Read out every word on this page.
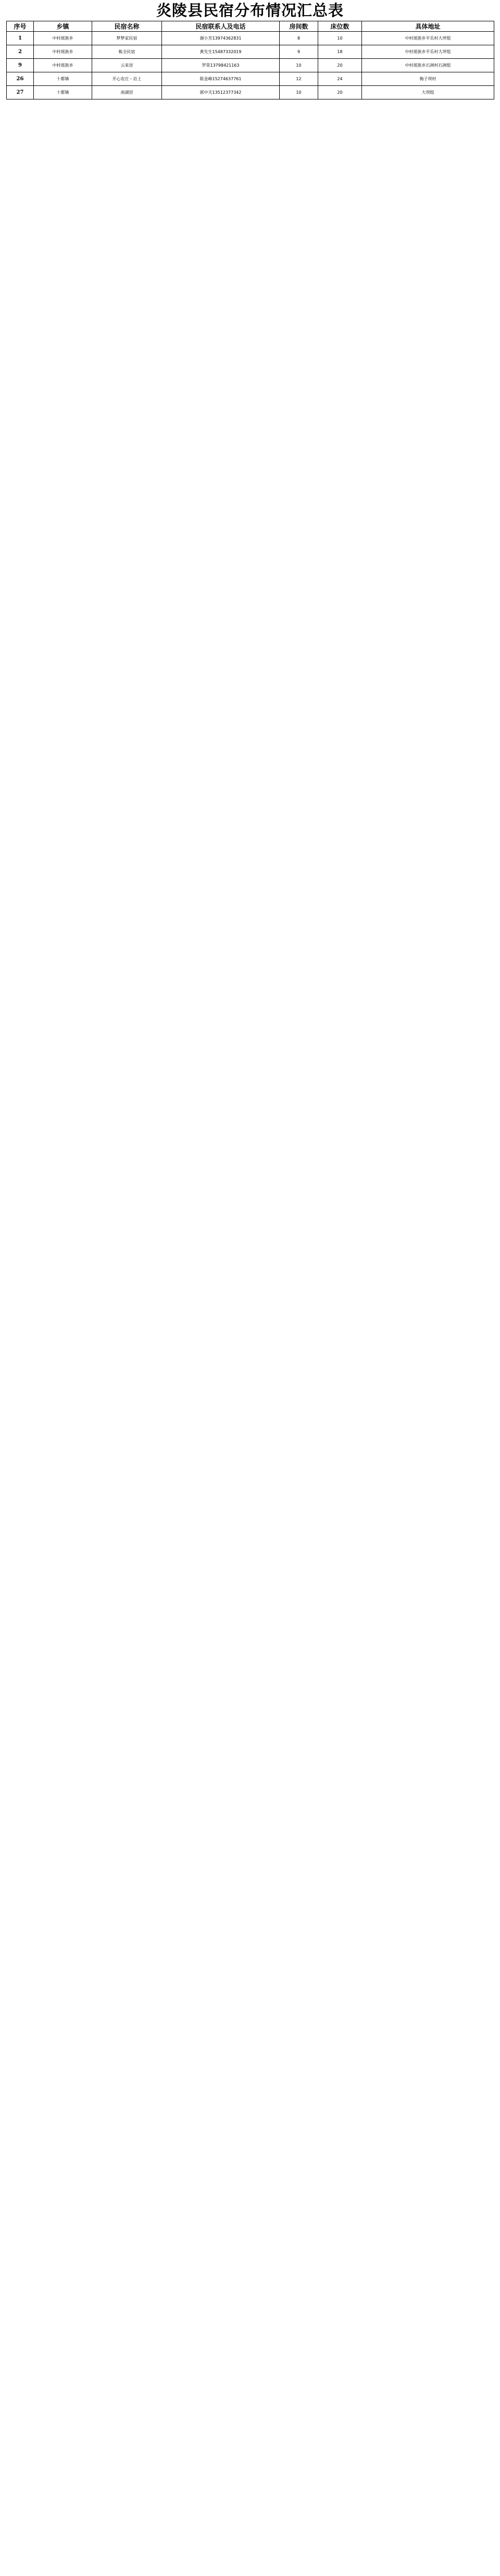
炎陵县民宿分布情况汇总表
序号	乡镇	民宿名称	民宿联系人及电话	房间数	床位数	具体地址
1	中村瑶族乡	梦梦家民宿	谢小芳13974362831	8	10	中村瑶族乡平乐村大坪组
2	中村瑶族乡	栋全民宿	黄先生15487332019	9	18	中村瑶族乡平乐村大坪组
9	中村瑶族乡	云来居	罗荣13798421163	10	20	中村瑶族乡石洲村石洲组
26	十都镇	开心农庄・岩上	陈金峰15274637761	12	24	梅子坝村
27	十都镇	南湖居	郭中夫13512377342	10	20	大坝组
